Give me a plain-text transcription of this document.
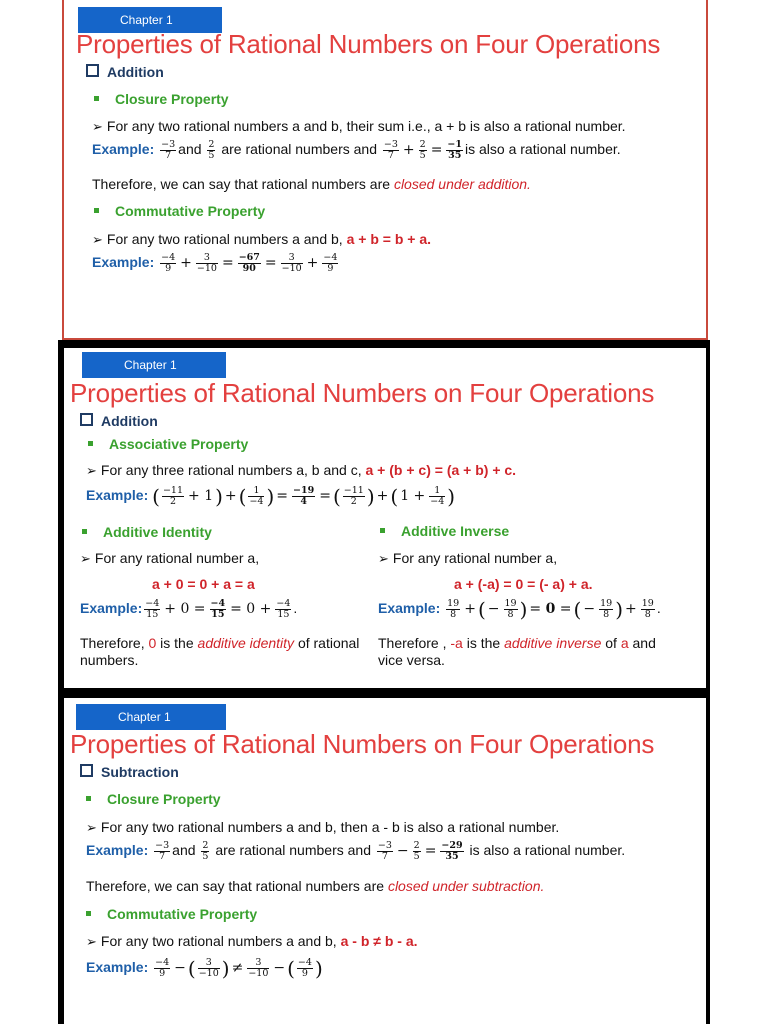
Chapter 1
Properties of Rational Numbers on Four Operations
Addition
Closure Property
➢ For any two rational numbers a and b, their sum i.e., a + b is also a rational number.
Example: $\frac{-3}{7}$ and $\frac{2}{5}$ are rational numbers and $\frac{-3}{7} + \frac{2}{5} = \frac{-1}{35}$ is also a rational number.
Therefore, we can say that rational numbers are closed under addition.
Commutative Property
➢ For any two rational numbers a and b, a + b = b + a.
Example: $\frac{-4}{9} + \frac{3}{-10} = \frac{-67}{90} = \frac{3}{-10} + \frac{-4}{9}$
Chapter 1
Properties of Rational Numbers on Four Operations
Addition
Associative Property
➢ For any three rational numbers a, b and c, a + (b + c) = (a + b) + c.
Example: ( $\frac{-11}{2} + 1$ ) + ( $\frac{1}{-4}$ ) = $\frac{-19}{4}$ = ( $\frac{-11}{2}$ ) + ( $1 + \frac{1}{-4}$ )
Additive Identity
➢ For any rational number a,
a + 0 = 0 + a = a
Example: $\frac{-4}{15} + 0 = \frac{-4}{15} = 0 + \frac{-4}{15}$ .
Therefore, 0 is the additive identity of rational numbers.
Additive Inverse
➢ For any rational number a,
a + (-a) = 0 = (- a) + a.
Example: $\frac{19}{8}$ + ( − $\frac{19}{8}$ ) = 0 = ( − $\frac{19}{8}$ ) + $\frac{19}{8}$ .
Therefore , -a is the additive inverse of a and vice versa.
Chapter 1
Properties of Rational Numbers on Four Operations
Subtraction
Closure Property
➢ For any two rational numbers a and b, then a - b is also a rational number.
Example: $\frac{-3}{7}$ and $\frac{2}{5}$ are rational numbers and $\frac{-3}{7} - \frac{2}{5} = \frac{-29}{35}$ is also a rational number.
Therefore, we can say that rational numbers are closed under subtraction.
Commutative Property
➢ For any two rational numbers a and b, a - b ≠ b - a.
Example: $\frac{-4}{9}$ − ( $\frac{3}{-10}$ ) ≠ $\frac{3}{-10}$ − ( $\frac{-4}{9}$ )
